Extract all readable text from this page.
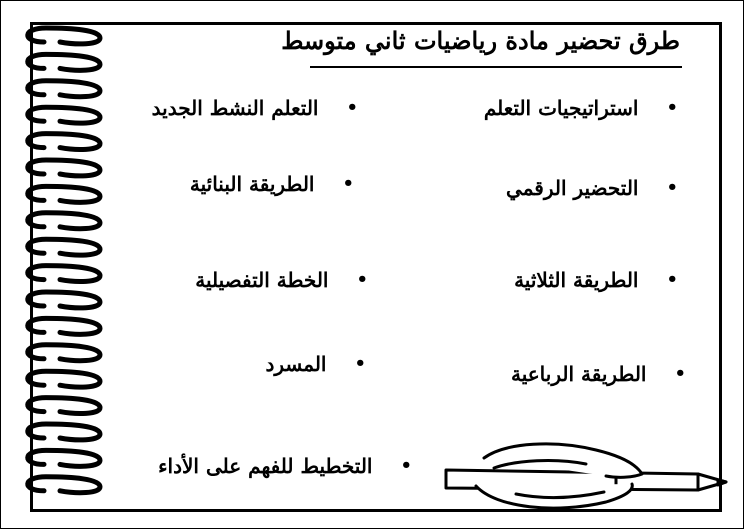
طرق تحضير مادة رياضيات ثاني متوسط
•
استراتيجيات التعلم
•
التحضير الرقمي
•
الطريقة الثلاثية
•
الطريقة الرباعية
•
التعلم النشط الجديد
•
الطريقة البنائية
•
الخطة التفصيلية
•
المسرد
•
التخطيط للفهم على الأداء
